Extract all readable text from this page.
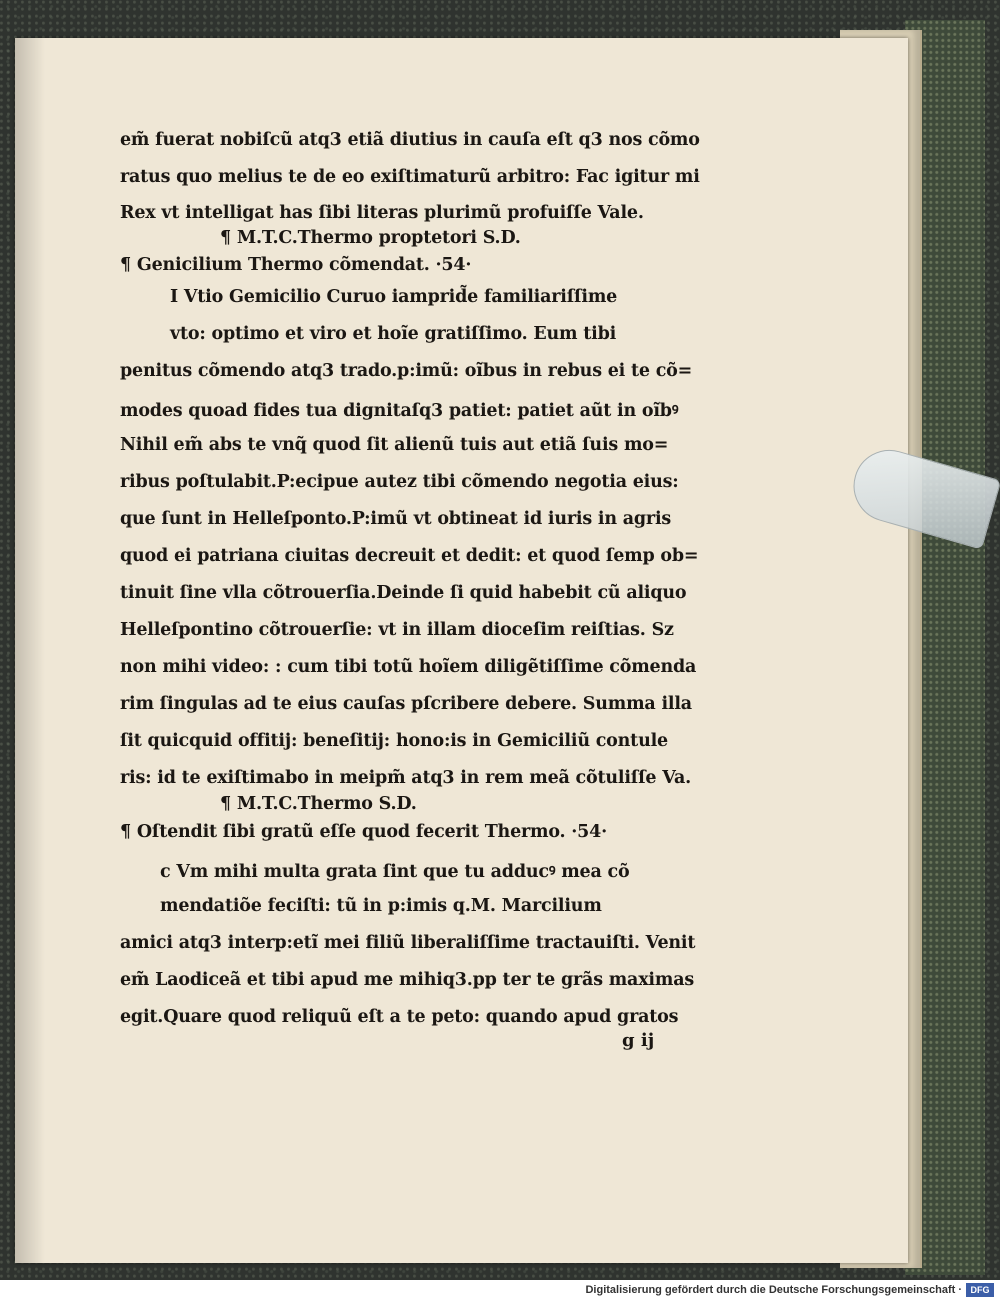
em̃ fuerat nobiſcũ atq3 etiã diutius in cauſa eſt q3 nos cõmo
ratus quo melius te de eo exiſtimaturũ arbitro: Fac igitur mi
Rex vt intelligat has ſibi literas plurimũ profuiſſe Vale.
¶ M.T.C.Thermo proptetori S.D.
¶ Genicilium Thermo cõmendat. ·54·
I Vtio Gemicilio Curuo iamprid̃e familiariſſime
vto: optimo et viro et hoĩe gratiſſimo. Eum tibi
penitus cõmendo atq3 trado.p:imũ: oĩbus in rebus ei te cõ=
modes quoad fides tua dignitaſq3 patiet: patiet aũt in oĩbꝰ
Nihil em̃ abs te vnq̃ quod ſit alienũ tuis aut etiã ſuis mo=
ribus poſtulabit.P:ecipue autez tibi cõmendo negotia eius:
que ſunt in Helleſponto.P:imũ vt obtineat id iuris in agris
quod ei patriana ciuitas decreuit et dedit: et quod ſemp ob=
tinuit ſine vlla cõtrouerſia.Deinde ſi quid habebit cũ aliquo
Helleſpontino cõtrouerſie: vt in illam dioceſim reiſtias. Sz
non mihi video: : cum tibi totũ hoĩem diligẽtiſſime cõmenda
rim ſingulas ad te eius cauſas pſcribere debere. Summa illa
ſit quicquid offitij: beneſitij: hono:is in Gemiciliũ contule
ris: id te exiſtimabo in meipm̃ atq3 in rem meã cõtuliſſe Va.
¶ M.T.C.Thermo S.D.
¶ Oſtendit ſibi gratũ eſſe quod fecerit Thermo. ·54·
c Vm mihi multa grata ſint que tu adducꝰ mea cõ
mendatiõe feciſti: tũ in p:imis q.M. Marcilium
amici atq3 interp:etĩ mei filiũ liberaliſſime tractauiſti. Venit
em̃ Laodiceã et tibi apud me mihiq3.pp ter te grãs maximas
egit.Quare quod reliquũ eſt a te peto: quando apud gratos
g ij
Digitalisierung gefördert durch die Deutsche Forschungsgemeinschaft · DFG
